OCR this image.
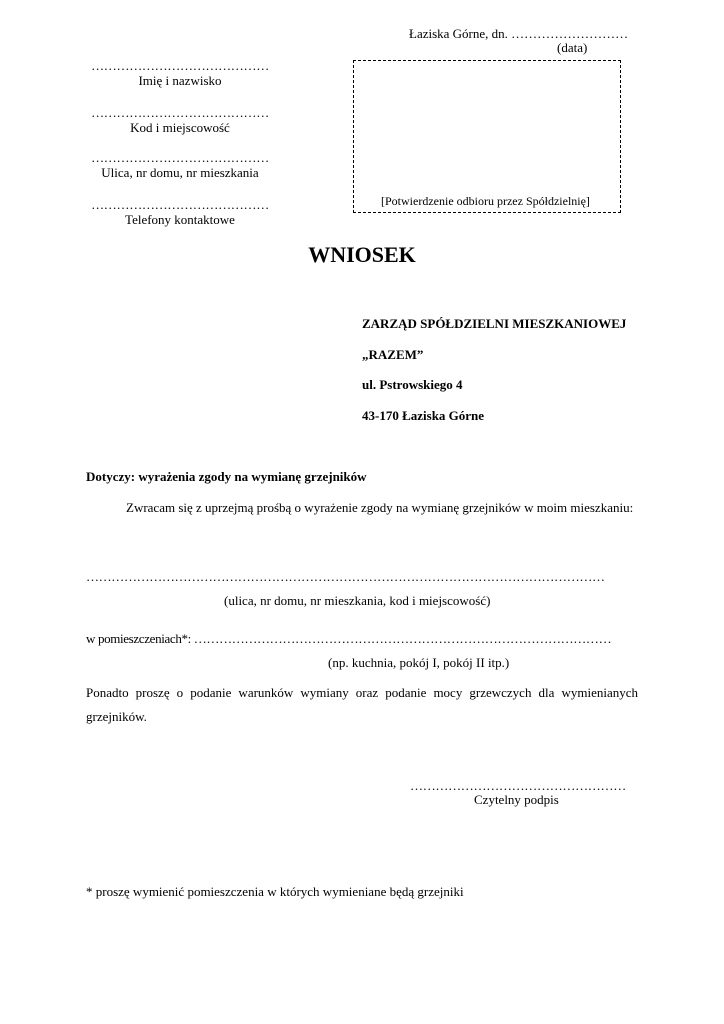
Łaziska Górne, dn. ………………………
(data)
……………………………………
Imię i nazwisko
……………………………………
Kod i miejscowość
……………………………………
Ulica, nr domu, nr mieszkania
……………………………………
Telefony kontaktowe
[Potwierdzenie odbioru przez Spółdzielnię]
WNIOSEK
ZARZĄD SPÓŁDZIELNI MIESZKANIOWEJ
„RAZEM”
ul. Pstrowskiego 4
43-170 Łaziska Górne
Dotyczy: wyrażenia zgody na wymianę grzejników
Zwracam się z uprzejmą prośbą o wyrażenie zgody na wymianę grzejników w moim mieszkaniu:
……………………………………………………………………………………………………………
(ulica, nr domu, nr mieszkania, kod i miejscowość)
w pomieszczeniach*: ………………………………………………………………………………………
(np. kuchnia, pokój I, pokój II itp.)
Ponadto proszę o podanie warunków wymiany oraz podanie mocy grzewczych dla wymienianych grzejników.
……………………………………………
Czytelny podpis
* proszę wymienić pomieszczenia w których wymieniane będą grzejniki
